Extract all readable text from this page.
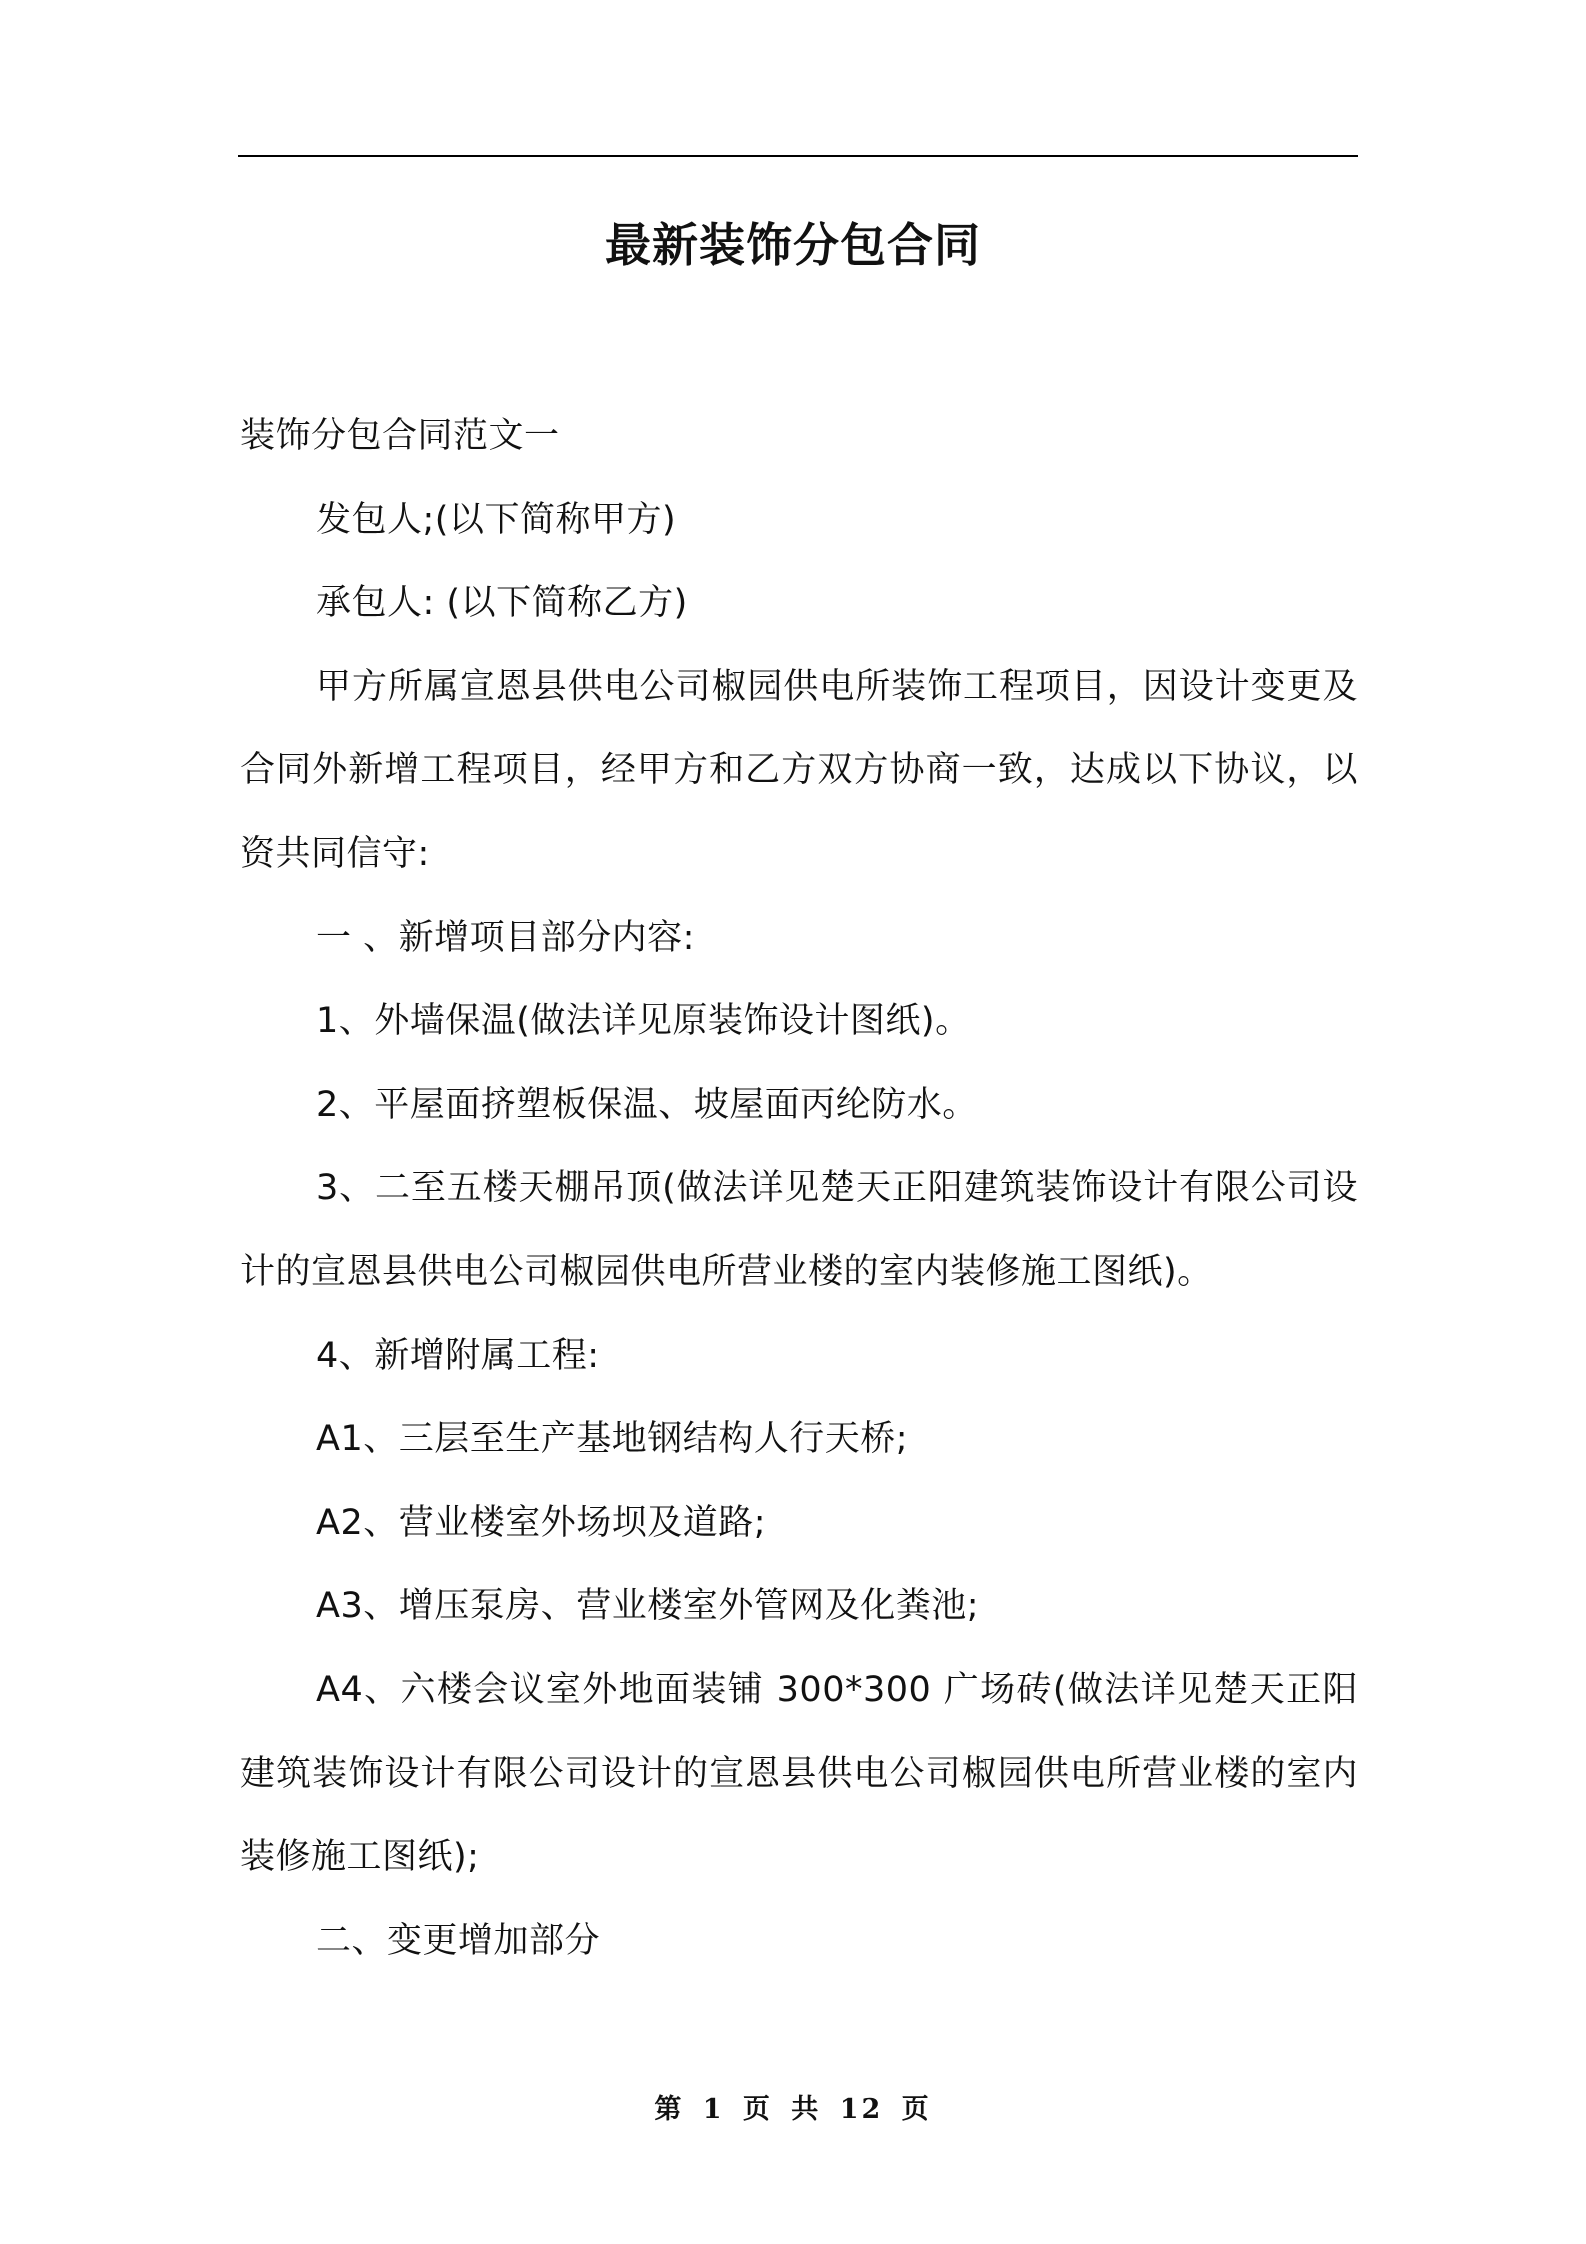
最新装饰分包合同

装饰分包合同范文一

发包人;(以下简称甲方)

承包人: (以下简称乙方)

甲方所属宣恩县供电公司椒园供电所装饰工程项目，因设计变更及合同外新增工程项目，经甲方和乙方双方协商一致，达成以下协议，以资共同信守:

一 、新增项目部分内容:

1、外墙保温(做法详见原装饰设计图纸)。

2、平屋面挤塑板保温、坡屋面丙纶防水。

3、二至五楼天棚吊顶(做法详见楚天正阳建筑装饰设计有限公司设计的宣恩县供电公司椒园供电所营业楼的室内装修施工图纸)。

4、新增附属工程:

A1、三层至生产基地钢结构人行天桥;

A2、营业楼室外场坝及道路;

A3、增压泵房、营业楼室外管网及化粪池;

A4、六楼会议室外地面装铺 300*300 广场砖(做法详见楚天正阳建筑装饰设计有限公司设计的宣恩县供电公司椒园供电所营业楼的室内装修施工图纸);

二、变更增加部分

第 1 页 共 12 页
